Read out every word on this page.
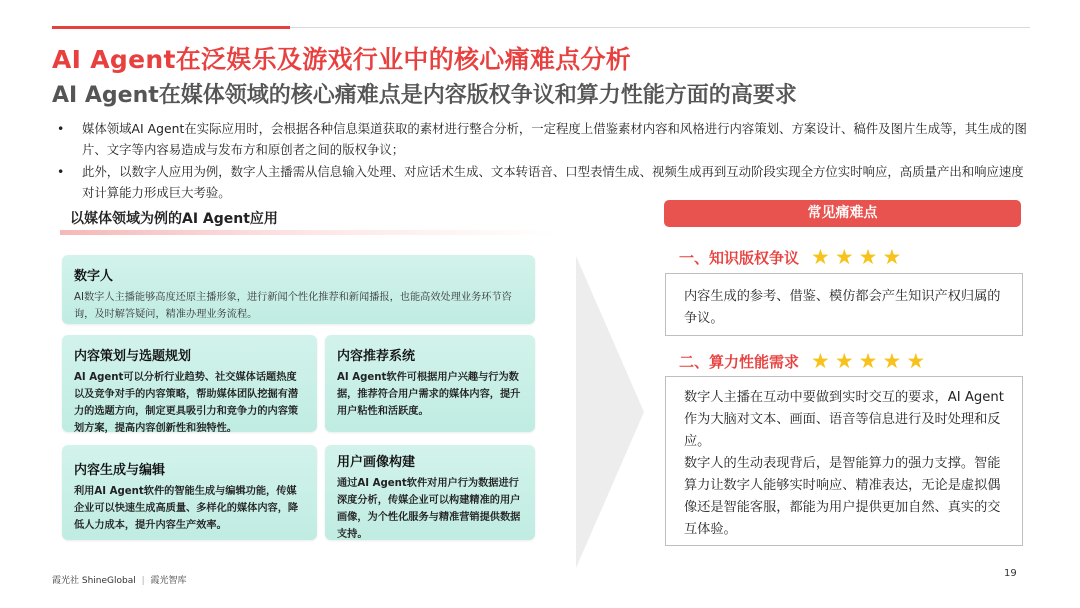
AI Agent在泛娱乐及游戏行业中的核心痛难点分析
AI Agent在媒体领域的核心痛难点是内容版权争议和算力性能方面的高要求
• 媒体领域AI Agent在实际应用时，会根据各种信息渠道获取的素材进行整合分析，一定程度上借鉴素材内容和风格进行内容策划、方案设计、稿件及图片生成等，其生成的图片、文字等内容易造成与发布方和原创者之间的版权争议；
• 此外，以数字人应用为例，数字人主播需从信息输入处理、对应话术生成、文本转语音、口型表情生成、视频生成再到互动阶段实现全方位实时响应，高质量产出和响应速度对计算能力形成巨大考验。
以媒体领域为例的AI Agent应用
数字人
AI数字人主播能够高度还原主播形象，进行新闻个性化推荐和新闻播报，也能高效处理业务环节咨询，及时解答疑问，精准办理业务流程。
内容策划与选题规划
AI Agent可以分析行业趋势、社交媒体话题热度以及竞争对手的内容策略，帮助媒体团队挖掘有潜力的选题方向，制定更具吸引力和竞争力的内容策划方案，提高内容创新性和独特性。
内容推荐系统
AI Agent软件可根据用户兴趣与行为数据，推荐符合用户需求的媒体内容，提升用户粘性和活跃度。
内容生成与编辑
利用AI Agent软件的智能生成与编辑功能，传媒企业可以快速生成高质量、多样化的媒体内容，降低人力成本，提升内容生产效率。
用户画像构建
通过AI Agent软件对用户行为数据进行深度分析，传媒企业可以构建精准的用户画像，为个性化服务与精准营销提供数据支持。
常见痛难点
一、知识版权争议 ★★★★
内容生成的参考、借鉴、模仿都会产生知识产权归属的争议。
二、算力性能需求 ★★★★★
数字人主播在互动中要做到实时交互的要求，AI Agent作为大脑对文本、画面、语音等信息进行及时处理和反应。
数字人的生动表现背后，是智能算力的强力支撑。智能算力让数字人能够实时响应、精准表达，无论是虚拟偶像还是智能客服，都能为用户提供更加自然、真实的交互体验。
霞光社 ShineGlobal | 霞光智库
19
